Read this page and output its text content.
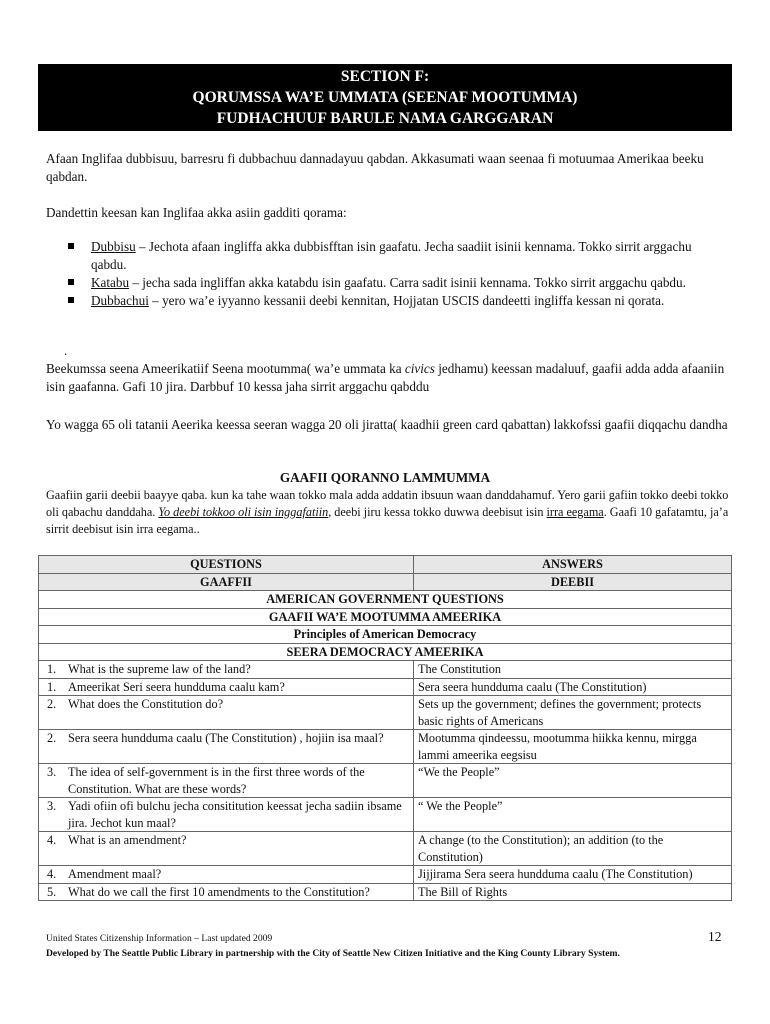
SECTION F:
QORUMSSA WA’E UMMATA (SEENAF MOOTUMMA)
FUDHACHUUF BARULE NAMA GARGGARAN

Afaan Inglifaa dubbisuu, barresru fi dubbachuu dannadayuu qabdan. Akkasumati waan seenaa fi motuumaa Amerikaa beeku qabdan.

Dandettin keesan kan Inglifaa akka asiin gadditi qorama:

Dubbisu – Jechota afaan ingliffa akka dubbisfftan isin gaafatu. Jecha saadiit isinii kennama. Tokko sirrit arggachu qabdu.
Katabu – jecha sada ingliffan akka katabdu isin gaafatu. Carra sadit isinii kennama. Tokko sirrit arggachu qabdu.
Dubbachui – yero wa’e iyyanno kessanii deebi kennitan, Hojjatan USCIS dandeetti ingliffa kessan ni qorata.
.

Beekumssa seena Ameerikatiif Seena mootumma( wa’e ummata ka civics jedhamu) keessan madaluuf, gaafii adda adda afaaniin isin gaafanna. Gafi 10 jira. Darbbuf 10 kessa jaha sirrit arggachu qabddu

Yo wagga 65 oli tatanii Aeerika keessa seeran wagga 20 oli jiratta( kaadhii green card qabattan) lakkofssi gaafii diqqachu dandha

GAAFII QORANNO LAMMUMMA

Gaafiin garii deebii baayye qaba. kun ka tahe waan tokko mala adda addatin ibsuun waan danddahamuf. Yero garii gafiin tokko deebi tokko oli qabachu danddaha. Yo deebi tokkoo oli isin inggafatiin, deebi jiru kessa tokko duwwa deebisut isin irra eegama. Gaafi 10 gafatamtu, ja’a sirrit deebisut isin irra eegama..

QUESTIONS	ANSWERS
GAAFFII	DEEBII
AMERICAN GOVERNMENT QUESTIONS	
GAAFII WA’E MOOTUMMA AMEERIKA	
Principles of American Democracy	
SEERA DEMOCRACY AMEERIKA	

1. What is the supreme law of the land?	The Constitution

1. Ameerikat Seri seera hundduma caalu kam?	Sera seera hundduma caalu (The Constitution)

2. What does the Constitution do?	Sets up the government; defines the government; protects basic rights of Americans

2. Sera seera hundduma caalu (The Constitution) , hojiin isa maal?	Mootumma qindeessu, mootumma hiikka kennu, mirgga lammi ameerika eegsisu

3. The idea of self-government is in the first three words of the Constitution. What are these words?	“We the People”

3. Yadi ofiin ofi bulchu jecha consititution keessat jecha sadiin ibsame jira. Jechot kun maal?	“ We the People”

4. What is an amendment?	A change (to the Constitution); an addition (to the Constitution)

4. Amendment maal?	Jijjirama Sera seera hundduma caalu (The Constitution)

5. What do we call the first 10 amendments to the Constitution?	The Bill of Rights
United States Citizenship Information – Last updated 2009
Developed by The Seattle Public Library in partnership with the City of Seattle New Citizen Initiative and the King County Library System.
12
